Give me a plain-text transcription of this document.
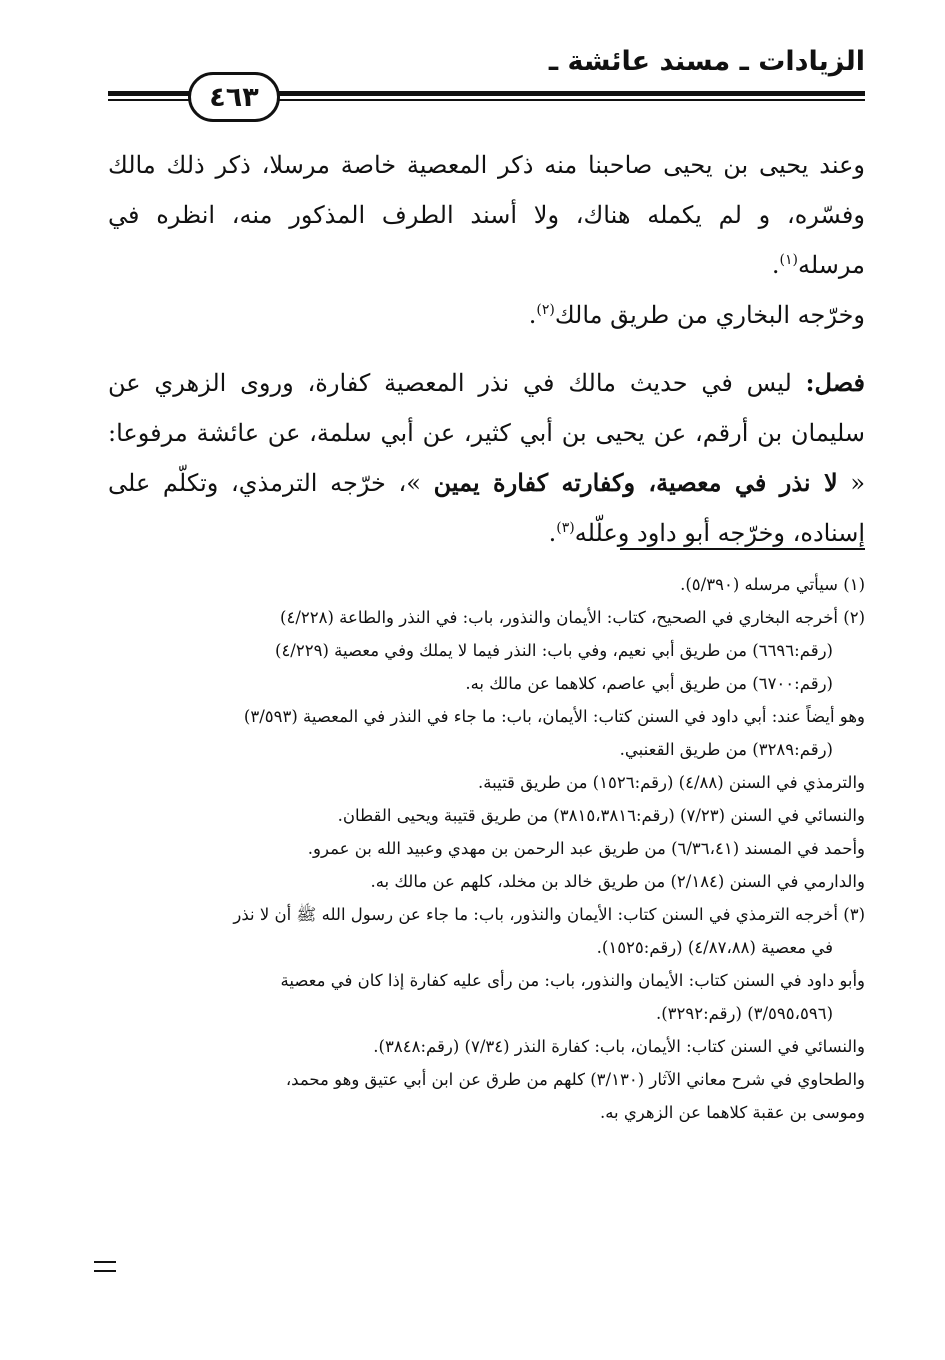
الزيادات ـ مسند عائشة ـ
٤٦٣

وعند يحيى بن يحيى صاحبنا منه ذكر المعصية خاصة مرسلا، ذكر ذلك مالك وفسّره، و لم يكمله هناك، ولا أسند الطرف المذكور منه، انظره في مرسله$^{(١)}$.

وخرّجه البخاري من طريق مالك$^{(٢)}$.

فصل: ليس في حديث مالك في نذر المعصية كفارة، وروى الزهري عن سليمان بن أرقم، عن يحيى بن أبي كثير، عن أبي سلمة، عن عائشة مرفوعا: « لا نذر في معصية، وكفارته كفارة يمين »، خرّجه الترمذي، وتكلّم على إسناده، وخرّجه أبو داود وعلّله$^{(٣)}$.

(١) سيأتي مرسله (٥/٣٩٠).
(٢) أخرجه البخاري في الصحيح، كتاب: الأيمان والنذور، باب: في النذر والطاعة (٤/٢٢٨)
(رقم:٦٦٩٦) من طريق أبي نعيم، وفي باب: النذر فيما لا يملك وفي معصية (٤/٢٢٩)
(رقم:٦٧٠٠) من طريق أبي عاصم، كلاهما عن مالك به.
وهو أيضاً عند: أبي داود في السنن كتاب: الأيمان، باب: ما جاء في النذر في المعصية (٣/٥٩٣)
(رقم:٣٢٨٩) من طريق القعنبي.
والترمذي في السنن (٤/٨٨) (رقم:١٥٢٦) من طريق قتيبة.
والنسائي في السنن (٧/٢٣) (رقم:٣٨١٥،٣٨١٦) من طريق قتيبة ويحيى القطان.
وأحمد في المسند (٦/٣٦،٤١) من طريق عبد الرحمن بن مهدي وعبيد الله بن عمرو.
والدارمي في السنن (٢/١٨٤) من طريق خالد بن مخلد، كلهم عن مالك به.
(٣) أخرجه الترمذي في السنن كتاب: الأيمان والنذور، باب: ما جاء عن رسول الله ﷺ أن لا نذر
في معصية (٤/٨٧،٨٨) (رقم:١٥٢٥).
وأبو داود في السنن كتاب: الأيمان والنذور، باب: من رأى عليه كفارة إذا كان في معصية
(٣/٥٩٥،٥٩٦) (رقم:٣٢٩٢).
والنسائي في السنن كتاب: الأيمان، باب: كفارة النذر (٧/٣٤) (رقم:٣٨٤٨).
والطحاوي في شرح معاني الآثار (٣/١٣٠) كلهم من طرق عن ابن أبي عتيق وهو محمد،
وموسى بن عقبة كلاهما عن الزهري به.
